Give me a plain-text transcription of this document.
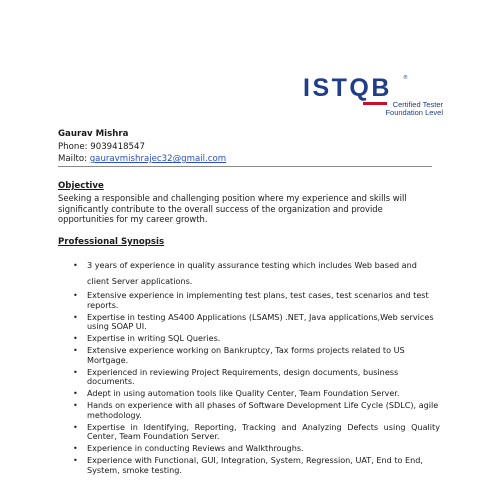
ISTQB ®
Certified Tester
Foundation Level
Gaurav Mishra
Phone: 9039418547
Mailto: gauravmishrajec32@gmail.com
Objective
Seeking a responsible and challenging position where my experience and skills will significantly contribute to the overall success of the organization and provide opportunities for my career growth.
Professional Synopsis
• 3 years of experience in quality assurance testing which includes Web based and client Server applications.
• Extensive experience in implementing test plans, test cases, test scenarios and test reports.
• Expertise in testing AS400 Applications (LSAMS) .NET, Java applications,Web services using SOAP UI.
• Expertise in writing SQL Queries.
• Extensive experience working on Bankruptcy, Tax forms projects related to US Mortgage.
• Experienced in reviewing Project Requirements, design documents, business documents.
• Adept in using automation tools like Quality Center, Team Foundation Server.
• Hands on experience with all phases of Software Development Life Cycle (SDLC), agile methodology.
• Expertise in Identifying, Reporting, Tracking and Analyzing Defects using Quality Center, Team Foundation Server.
• Experience in conducting Reviews and Walkthroughs.
• Experience with Functional, GUI, Integration, System, Regression, UAT, End to End, System, smoke testing.
